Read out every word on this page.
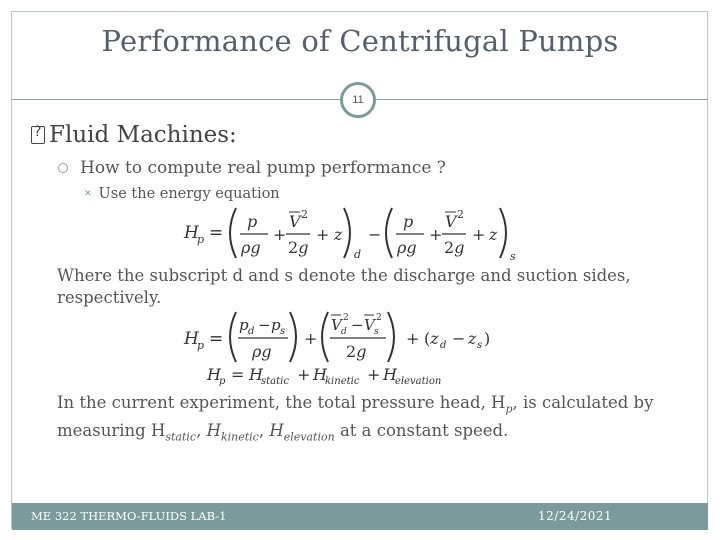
Performance of Centrifugal Pumps
11
?
Fluid Machines:
How to compute real pump performance ?
✕ Use the energy equation
H
p =
p
ρg
+
V 2
2g
+ z
d
−
p
ρg
+
V 2
2g
+ z
s
Where the subscript d and s denote the discharge and suction sides,
respectively.
H
p =
p d − p s
ρg
+
V d
2 − V s
2
2g
+ (z d − z s )
H
p = H
static + H
kinetic + H
elevation
In the current experiment, the total pressure head, $H_p$, is calculated by
measuring $H_{static}$, $H_{kinetic}$, $H_{elevation}$ at a constant speed.
ME 322 THERMO-FLUIDS LAB-1	12/24/2021
